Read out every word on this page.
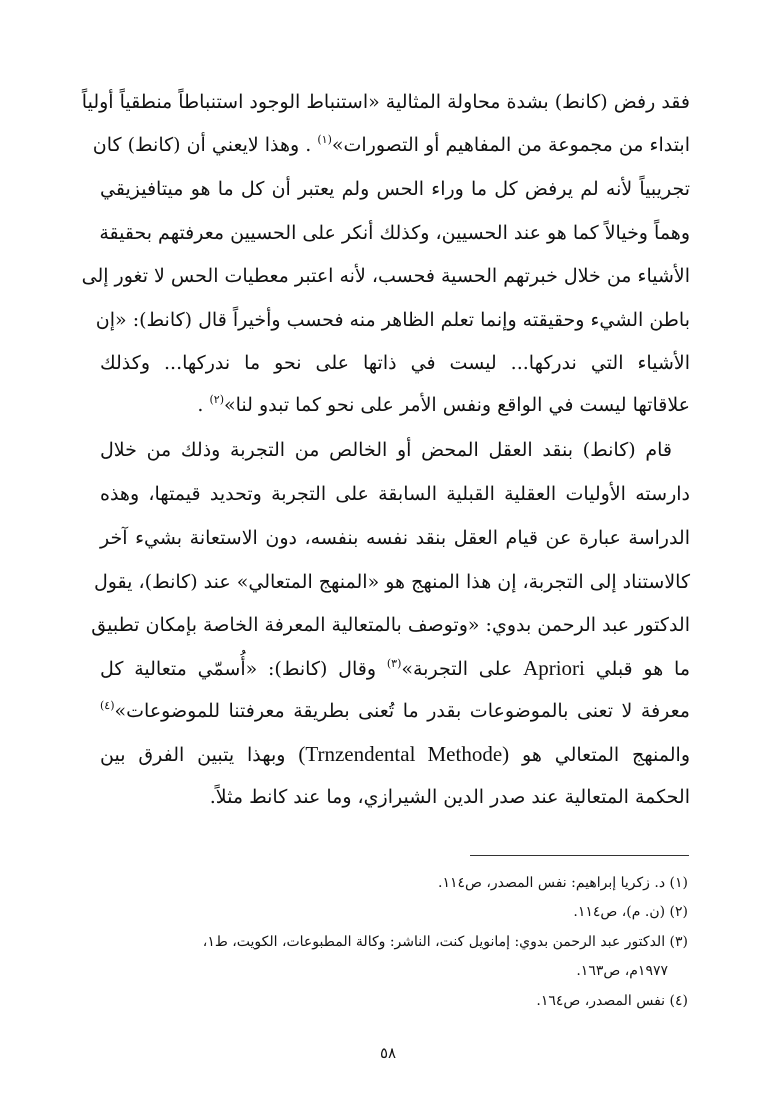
فقد رفض (كانط) بشدة محاولة المثالية «استنباط الوجود استنباطاً منطقياً أولياً
ابتداء من مجموعة من المفاهيم أو التصورات»$^{(١)}$ . وهذا لايعني أن (كانط) كان
تجريبياً لأنه لم يرفض كل ما وراء الحس ولم يعتبر أن كل ما هو ميتافيزيقي
وهماً وخيالاً كما هو عند الحسيين، وكذلك أنكر على الحسيين معرفتهم بحقيقة
الأشياء من خلال خبرتهم الحسية فحسب، لأنه اعتبر معطيات الحس لا تغور إلى
باطن الشيء وحقيقته وإنما تعلم الظاهر منه فحسب وأخيراً قال (كانط): «إن
الأشياء التي ندركها... ليست في ذاتها على نحو ما ندركها... وكذلك
علاقاتها ليست في الواقع ونفس الأمر على نحو كما تبدو لنا»$^{(٢)}$ .
قام (كانط) بنقد العقل المحض أو الخالص من التجربة وذلك من خلال
دارسته الأوليات العقلية القبلية السابقة على التجربة وتحديد قيمتها، وهذه
الدراسة عبارة عن قيام العقل بنقد نفسه بنفسه، دون الاستعانة بشيء آخر
كالاستناد إلى التجربة، إن هذا المنهج هو «المنهج المتعالي» عند (كانط)، يقول
الدكتور عبد الرحمن بدوي: «وتوصف بالمتعالية المعرفة الخاصة بإمكان تطبيق
ما هو قبلي Apriori على التجربة»$^{(٣)}$ وقال (كانط): «أُسمّي متعالية كل
معرفة لا تعنى بالموضوعات بقدر ما تُعنى بطريقة معرفتنا للموضوعات»$^{(٤)}$
والمنهج المتعالي هو (Trnzendental Methode) وبهذا يتبين الفرق بين
الحكمة المتعالية عند صدر الدين الشيرازي، وما عند كانط مثلاً.
(١) د. زكريا إبراهيم: نفس المصدر، ص١١٤.
(٢) (ن. م)، ص١١٤.
(٣) الدكتور عبد الرحمن بدوي: إمانويل كنت، الناشر: وكالة المطبوعات، الكويت، ط١،
١٩٧٧م، ص١٦٣.
(٤) نفس المصدر، ص١٦٤.
٥٨
